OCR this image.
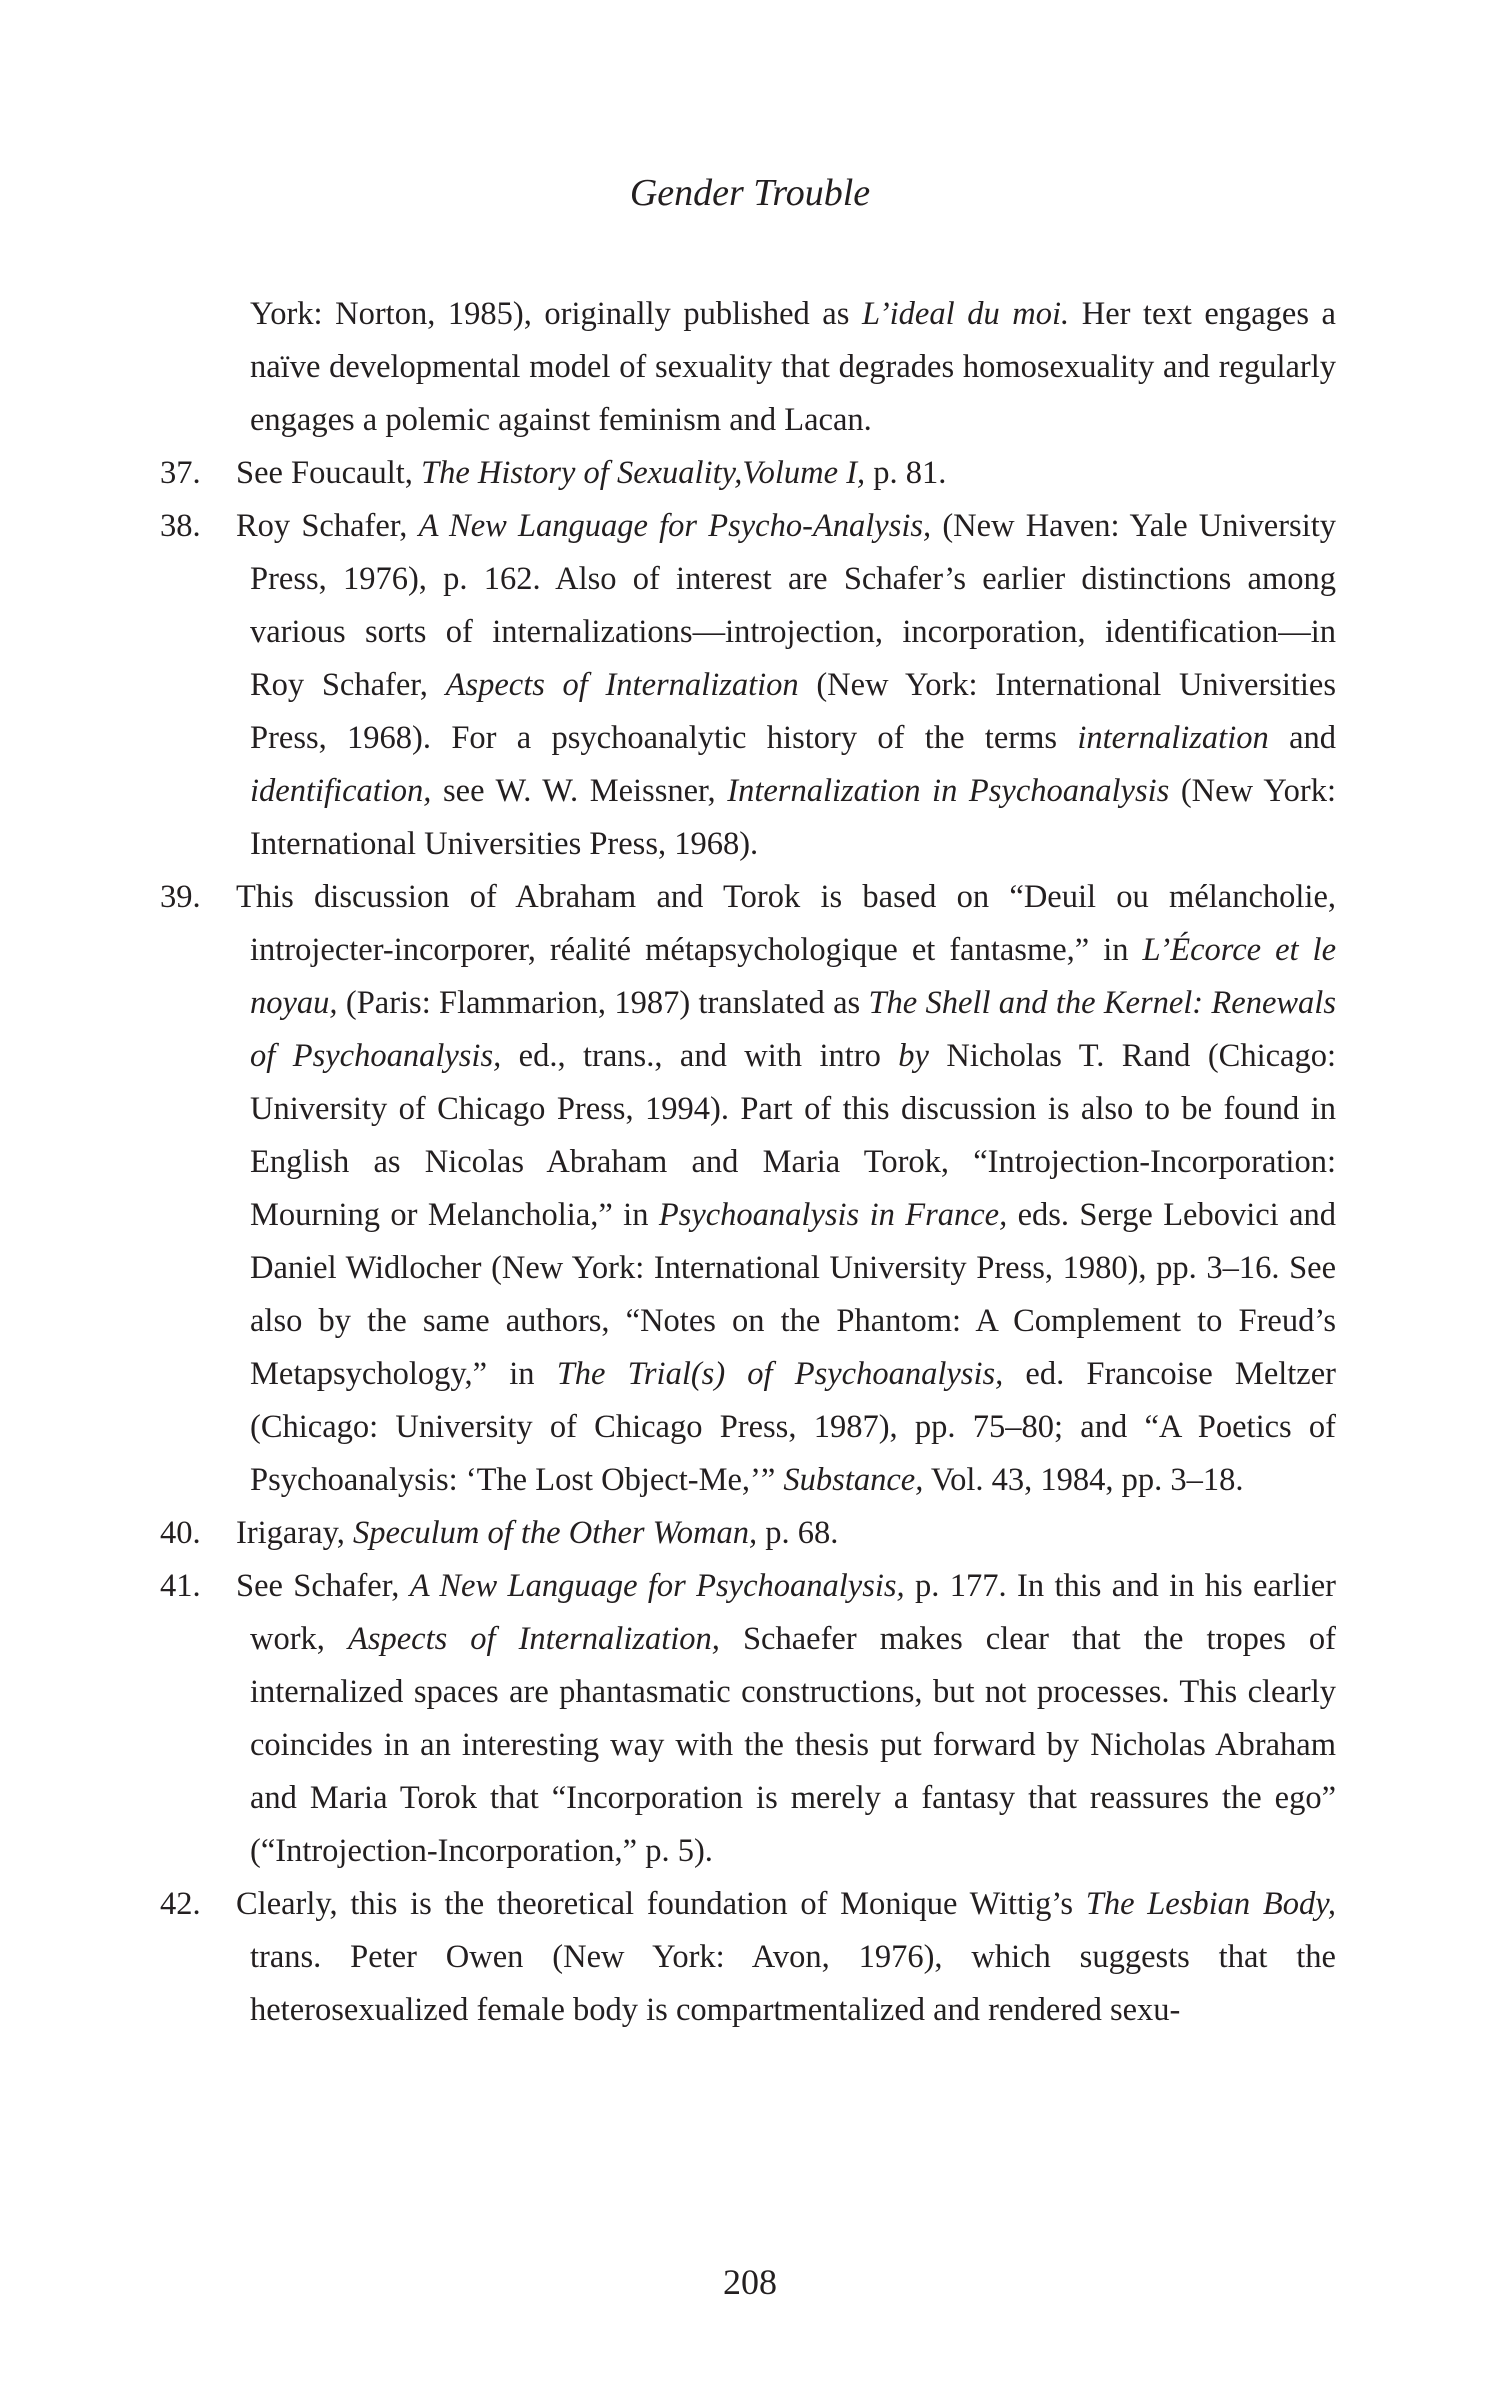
Gender Trouble
York: Norton, 1985), originally published as L’ideal du moi. Her text engages a naïve developmental model of sexuality that degrades homosexuality and regularly engages a polemic against feminism and Lacan.
37. See Foucault, The History of Sexuality,Volume I, p. 81.
38. Roy Schafer, A New Language for Psycho-Analysis, (New Haven: Yale University Press, 1976), p. 162. Also of interest are Schafer’s earlier distinctions among various sorts of internalizations—introjection, incorporation, identification—in Roy Schafer, Aspects of Internalization (New York: International Universities Press, 1968). For a psychoanalytic history of the terms internalization and identification, see W. W. Meissner, Internalization in Psychoanalysis (New York: International Universities Press, 1968).
39. This discussion of Abraham and Torok is based on “Deuil ou mélancholie, introjecter-incorporer, réalité métapsychologique et fantasme,” in L’Écorce et le noyau, (Paris: Flammarion, 1987) translated as The Shell and the Kernel: Renewals of Psychoanalysis, ed., trans., and with intro by Nicholas T. Rand (Chicago: University of Chicago Press, 1994). Part of this discussion is also to be found in English as Nicolas Abraham and Maria Torok, “Introjection-Incorporation: Mourning or Melancholia,” in Psychoanalysis in France, eds. Serge Lebovici and Daniel Widlocher (New York: International University Press, 1980), pp. 3–16. See also by the same authors, “Notes on the Phantom: A Complement to Freud’s Metapsychology,” in The Trial(s) of Psychoanalysis, ed. Francoise Meltzer (Chicago: University of Chicago Press, 1987), pp. 75–80; and “A Poetics of Psychoanalysis: ‘The Lost Object-Me,’” Substance, Vol. 43, 1984, pp. 3–18.
40. Irigaray, Speculum of the Other Woman, p. 68.
41. See Schafer, A New Language for Psychoanalysis, p. 177. In this and in his earlier work, Aspects of Internalization, Schaefer makes clear that the tropes of internalized spaces are phantasmatic constructions, but not processes. This clearly coincides in an interesting way with the thesis put forward by Nicholas Abraham and Maria Torok that “Incorporation is merely a fantasy that reassures the ego” (“Introjection-Incorporation,” p. 5).
42. Clearly, this is the theoretical foundation of Monique Wittig’s The Lesbian Body, trans. Peter Owen (New York: Avon, 1976), which suggests that the heterosexualized female body is compartmentalized and rendered sexu-
208
